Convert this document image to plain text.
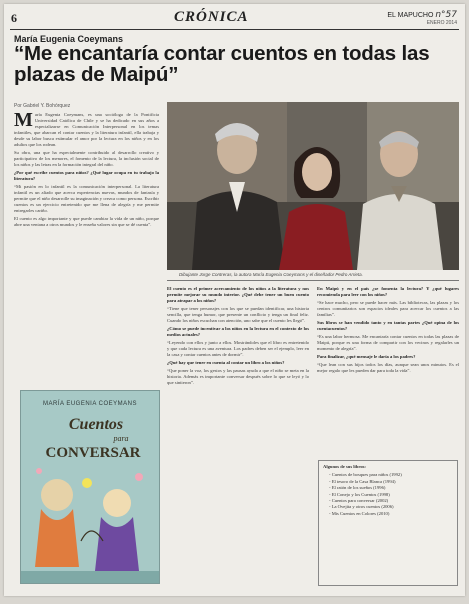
6	CRÓNICA	EL MAPUCHO n°57
ENERO 2014
María Eugenia Coeymans
“Me encantaría contar cuentos en todas las plazas de Maipú”
Por Gabriel Y. Bohórquez

María Eugenia Coeymans, es una socióloga de la Pontificia Universidad Católica de Chile y se ha dedicado en sus años a especializarse en Comunicación Interpersonal en los temas infantiles, que abarcan el contar cuentos y la literatura infantil, ella trabaja y desde su labor busca estimular el amor por la lectura en los niños y en los adultos que los rodean.

Su obra, una que ha especialmente contribuido al desarrollo creativo y participativo de los menores, el fomento de la lectura, la inclusión social de los niños y las letras en la formación integral del niño.

¿Por qué escribe cuentos para niños? ¿Qué lugar ocupa en tu trabajo la literatura?

“Mi pasión en lo infantil es la comunicación interpersonal. La literatura infantil es un aliado que acerca experiencias nuevas, mundos de fantasía y permite que el niño desarrolle su imaginación y crezca como persona. Escribir cuentos es un ejercicio entretenido que me llena de alegría y me permite entregarles cariño.

El cuento es algo importante y que puede cambiar la vida de un niño, porque abre una ventana a otros mundos y le enseña valores sin que se dé cuenta”.

Dibujante Jorge Contreras, la autora María Eugenia Coeymans y el diseñador Pedro Arrieta.

El cuento es el primer acercamiento de los niños a la literatura y nos permite mejorar su mundo interior. ¿Qué debe tener un buen cuento para atrapar a los niños?

“Tiene que tener personajes con los que se puedan identificar, una historia sencilla, que tenga humor, que presente un conflicto y tenga un final feliz. Cuando los niños escuchan con atención, uno sabe que el cuento les llegó”.

¿Cómo se puede incentivar a los niños en la lectura en el contexto de los medios actuales?

“Leyendo con ellos y junto a ellos. Mostrándoles que el libro es entretenido y que cada lectura es una aventura. Los padres deben ser el ejemplo, leer en la casa y contar cuentos antes de dormir”.

¿Qué hay que tener en cuenta al contar un libro a los niños?

“Que poner la voz, los gestos y las pausas ayuda a que el niño se meta en la historia. Además es importante conversar después sobre lo que se leyó y lo que sintieron”.

En Maipú y en el país ¿se fomenta la lectura? Y ¿qué lugares recomienda para leer con los niños?

“Se hace mucho, pero se puede hacer más. Las bibliotecas, las plazas y los centros comunitarios son espacios ideales para acercar los cuentos a las familias”.

Sus libros se han vendido tanto y en tantas partes ¿Qué opina de los cuentacuentos?

“Es una labor hermosa. Me encantaría contar cuentos en todas las plazas de Maipú, porque es una forma de compartir con los vecinos y regalarles un momento de alegría”.

Para finalizar, ¿qué mensaje le daría a los padres?

“Que lean con sus hijos todos los días, aunque sean unos minutos. Es el mejor regalo que les pueden dar para toda la vida”.

MARÍA EUGENIA COEYMANS
Cuentos
para
CONVERSAR
Algunos de sus libros:
- Cuentos de bosques para niños (1992)
- El tesoro de la Casa Blanca (1994)
- El ratón de los sueños (1996)
- El Conejo y los Cuentos (1998)
- Cuentos para conversar (2002)
- La Ovejita y otros cuentos (2006)
- Mis Cuentos en Colores (2010)
